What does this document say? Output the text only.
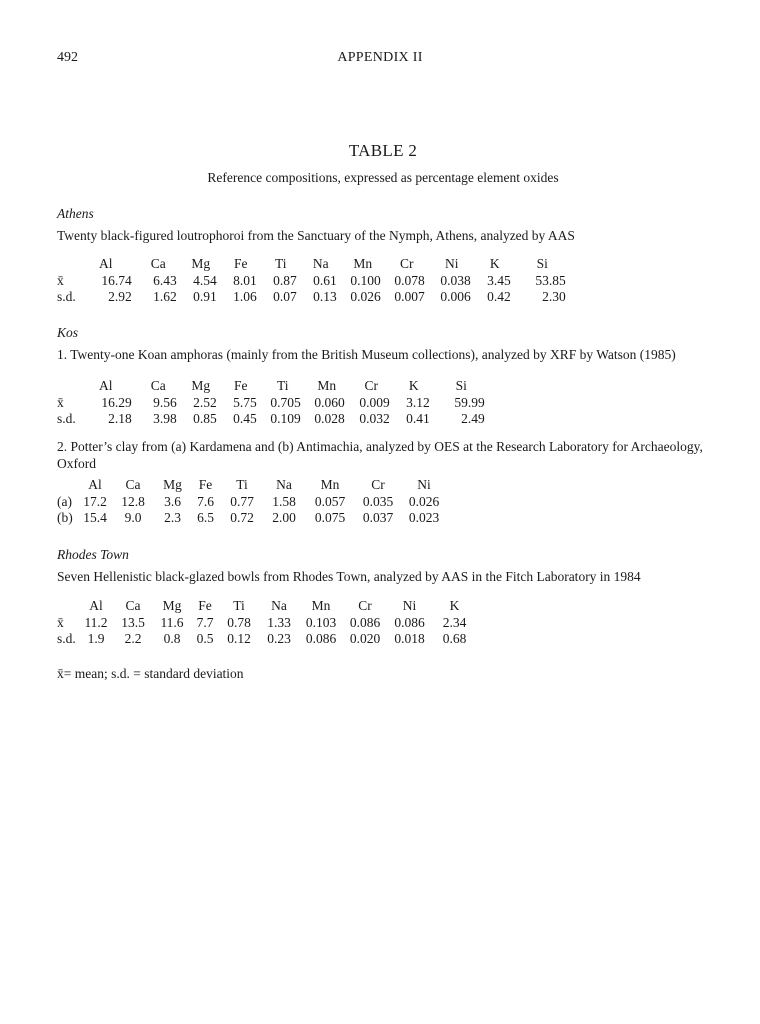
492	APPENDIX II
TABLE 2
Reference compositions, expressed as percentage element oxides
Athens
Twenty black-figured loutrophoroi from the Sanctuary of the Nymph, Athens, analyzed by AAS
	Al	Ca	Mg	Fe	Ti	Na	Mn	Cr	Ni	K	Si
x̄	16.74	6.43	4.54	8.01	0.87	0.61	0.100	0.078	0.038	3.45	53.85
s.d.	2.92	1.62	0.91	1.06	0.07	0.13	0.026	0.007	0.006	0.42	2.30
Kos
1. Twenty-one Koan amphoras (mainly from the British Museum collections), analyzed by XRF by Watson (1985)
	Al	Ca	Mg	Fe	Ti	Mn	Cr	K	Si
x̄	16.29	9.56	2.52	5.75	0.705	0.060	0.009	3.12	59.99
s.d.	2.18	3.98	0.85	0.45	0.109	0.028	0.032	0.41	2.49
2. Potter’s clay from (a) Kardamena and (b) Antimachia, analyzed by OES at the Research Laboratory for Archaeology,
Oxford
	Al	Ca	Mg	Fe	Ti	Na	Mn	Cr	Ni
(a)	17.2	12.8	3.6	7.6	0.77	1.58	0.057	0.035	0.026
(b)	15.4	9.0	2.3	6.5	0.72	2.00	0.075	0.037	0.023
Rhodes Town
Seven Hellenistic black-glazed bowls from Rhodes Town, analyzed by AAS in the Fitch Laboratory in 1984
	Al	Ca	Mg	Fe	Ti	Na	Mn	Cr	Ni	K
x̄	11.2	13.5	11.6	7.7	0.78	1.33	0.103	0.086	0.086	2.34
s.d.	1.9	2.2	0.8	0.5	0.12	0.23	0.086	0.020	0.018	0.68
x̄= mean; s.d. = standard deviation
